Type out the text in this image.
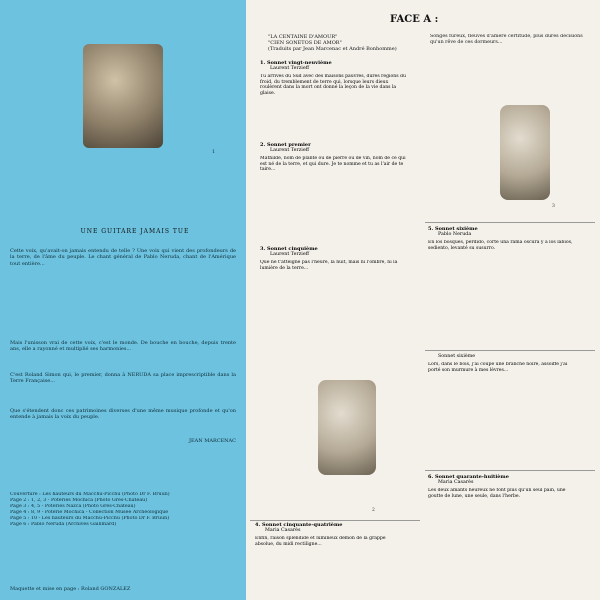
1
UNE GUITARE JAMAIS TUE
Cette voix, qu'avait-on jamais entendu de telle ? Une voix qui vient des profondeurs de la terre, de l'âme du peuple. Le chant général de Pablo Neruda, chant de l'Amérique tout entière...
Mais l'unisson vrai de cette voix, c'est le monde. De bouche en bouche, depuis trente ans, elle a rayonné et multiplié ses harmonies...
C'est Roland Simon qui, le premier, donna à NERUDA sa place imprescriptible dans la Terre Française...
Que s'étendent donc ces patrimoines diverses d'une même musique profonde et qu'on entende à jamais la voix du peuple.
JEAN MARCENAC
Couverture : Les hauteurs du Macchu-Picchu (Photo Dr F. Bruun)
Page 2 : 1, 2, 3 - Poteries Mochica (Photo Gres-Chateau)
Page 3 : 4, 5 - Poteries Nazca (Photo Gres-Chateau)
Page 4 : 8, 9 - Poterie Mochica - Collection Musée Archéologique
Page 5 : 10 - Les hauteurs du Macchu-Picchu (Photo Dr F. Bruun)
Page 6 : Pablo Neruda (Archives Gallimard)
Maquette et mise en page : Roland GONZALEZ
FACE A :
"LA CENTAINE D'AMOUR"
"CIEN SONETOS DE AMOR"
(Traduits par Jean Marcenac et André Bonhomme)
1. Sonnet vingt-neuvième
Laurent Terzieff
Tu arrives du Sud avec des maisons pauvres, dures régions du froid, du tremblement de terre qui, lorsque leurs dieux roulèrent dans la mort ont donné la leçon de la vie dans la glaise.
2. Sonnet premier
Laurent Terzieff
Mathilde, nom de plante ou de pierre ou de vin, nom de ce qui est né de la terre, et qui dure. Je te nomme et tu as l'air de te taire...
3. Sonnet cinquième
Laurent Terzieff
Que ne t'atteigne pas l'heure, la nuit, mais ni l'ombre, ni la lumière de la terre...
2
4. Sonnet cinquante-quatrième
Maria Casarès
Enfin, raison splendide et lumineux démon de la grappe absolue, du midi rectiligne...
Songes fureux, fleuves d'amère certitude, plus dures décisions qu'un rêve de ces dormeurs...
3
5. Sonnet sixième
Pablo Neruda
En los bosques, perdido, corté una rama oscura y a los labios, sediento, levanté su susurro.
Sonnet sixième
Lors, dans le bois, j'ai coupé une branche noire, assoiffé j'ai porté son murmure à mes lèvres...
6. Sonnet quarante-huitième
Maria Casarès
Les deux amants heureux ne font plus qu'un seul pain, une goutte de lune, une seule, dans l'herbe.
